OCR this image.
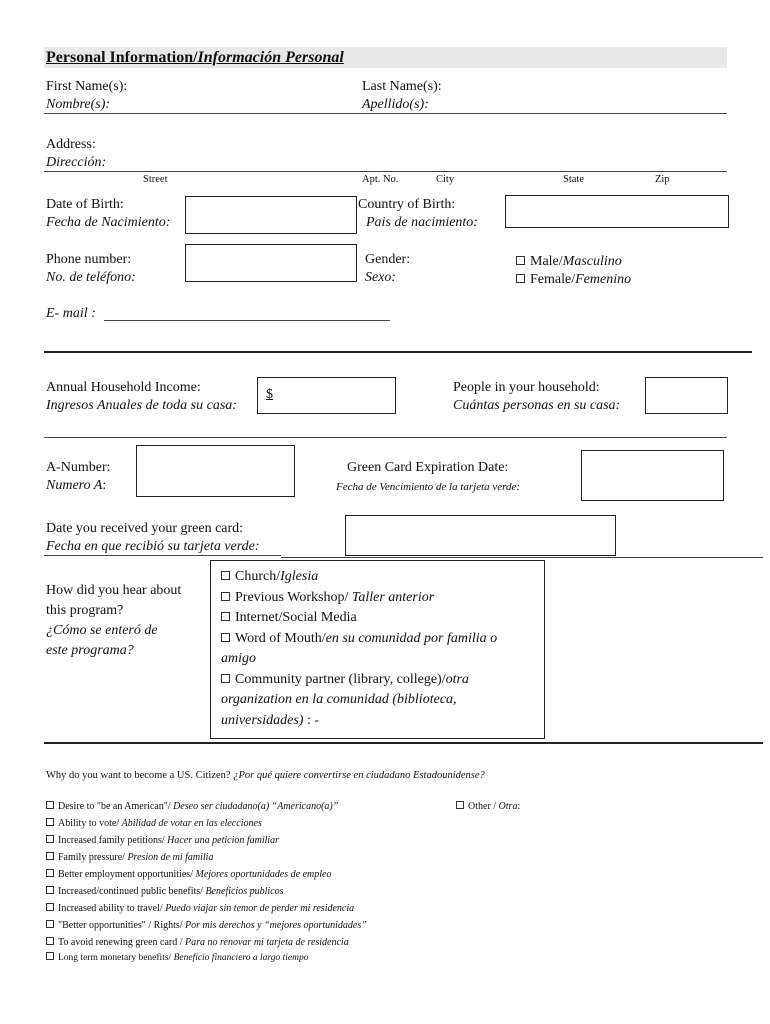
Personal Information/Información Personal
First Name(s):
Nombre(s):
Last Name(s):
Apellido(s):
Address:
Dirección:
Street	Apt. No.	City	State	Zip
Date of Birth:
Fecha de Nacimiento:
Country of Birth:
Pais de nacimiento:
Phone number:
No. de teléfono:
Gender:
Sexo:
Male/Masculino
Female/Femenino
E- mail :
Annual Household Income:
Ingresos Anuales de toda su casa:
$	People in your household:
Cuántas personas en su casa:
A-Number:
Numero A:
Green Card Expiration Date:
Fecha de Vencimiento de la tarjeta verde:
Date you received your green card:
Fecha en que recibió su tarjeta verde:
How did you hear about
this program?
¿Cómo se enteró de
este programa?
Church/Iglesia
Previous Workshop/ Taller anterior
Internet/Social Media
Word of Mouth/en su comunidad por familia o
amigo
Community partner (library, college)/otra
organization en la comunidad (biblioteca,
universidades) : -
Why do you want to become a US. Citizen? ¿Por qué quiere convertirse en ciudadano Estadounidense?
Desire to "be an American"/ Deseo ser ciudadano(a) “Americano(a)”	Other / Otra:
Ability to vote/ Abilidad de votar en las elecciones
Increased family petitions/ Hacer una peticion familiar
Family pressure/ Presion de mi familia
Better employment opportunities/ Mejores oportunidades de empleo
Increased/continued public benefits/ Beneficios publicos
Increased ability to travel/ Puedo viajar sin temor de perder mi residencia
"Better opportunities" / Rights/ Por mis derechos y “mejores oportunidades”
To avoid renewing green card / Para no renovar mi tarjeta de residencia
Long term monetary benefits/ Beneficio financiero a largo tiempo
